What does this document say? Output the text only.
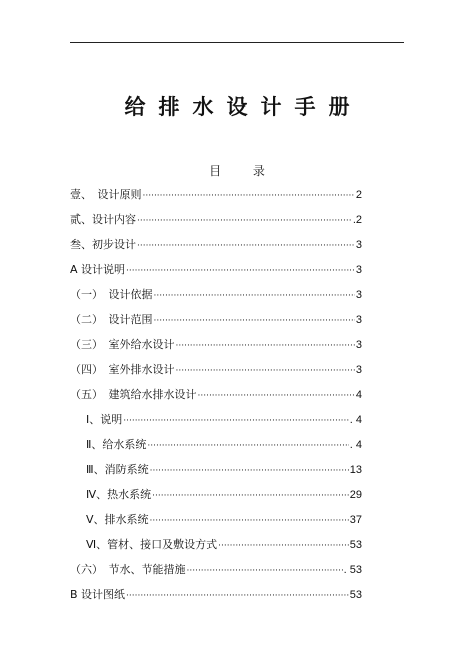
给排水设计手册
目 录
壹、　设计原则 ·····	2
贰、设计内容 ·····	.2
叁、初步设计 ·····	3
A 设计说明 ·····	3
（一）　设计依据 ·····	3
（二）　设计范围 ·····	3
（三）　室外给水设计 ·····	3
（四）　室外排水设计 ·····	3
（五）　建筑给水排水设计 ·····	4
Ⅰ、说明 ·····	. 4
Ⅱ、给水系统 ·····	. 4
Ⅲ、消防系统 ·····	13
Ⅳ、热水系统 ·····	29
Ⅴ、排水系统 ·····	37
Ⅵ、管材、接口及敷设方式 ·····	53
（六）　节水、节能措施 ·····	. 53
B 设计图纸 ·····	53
